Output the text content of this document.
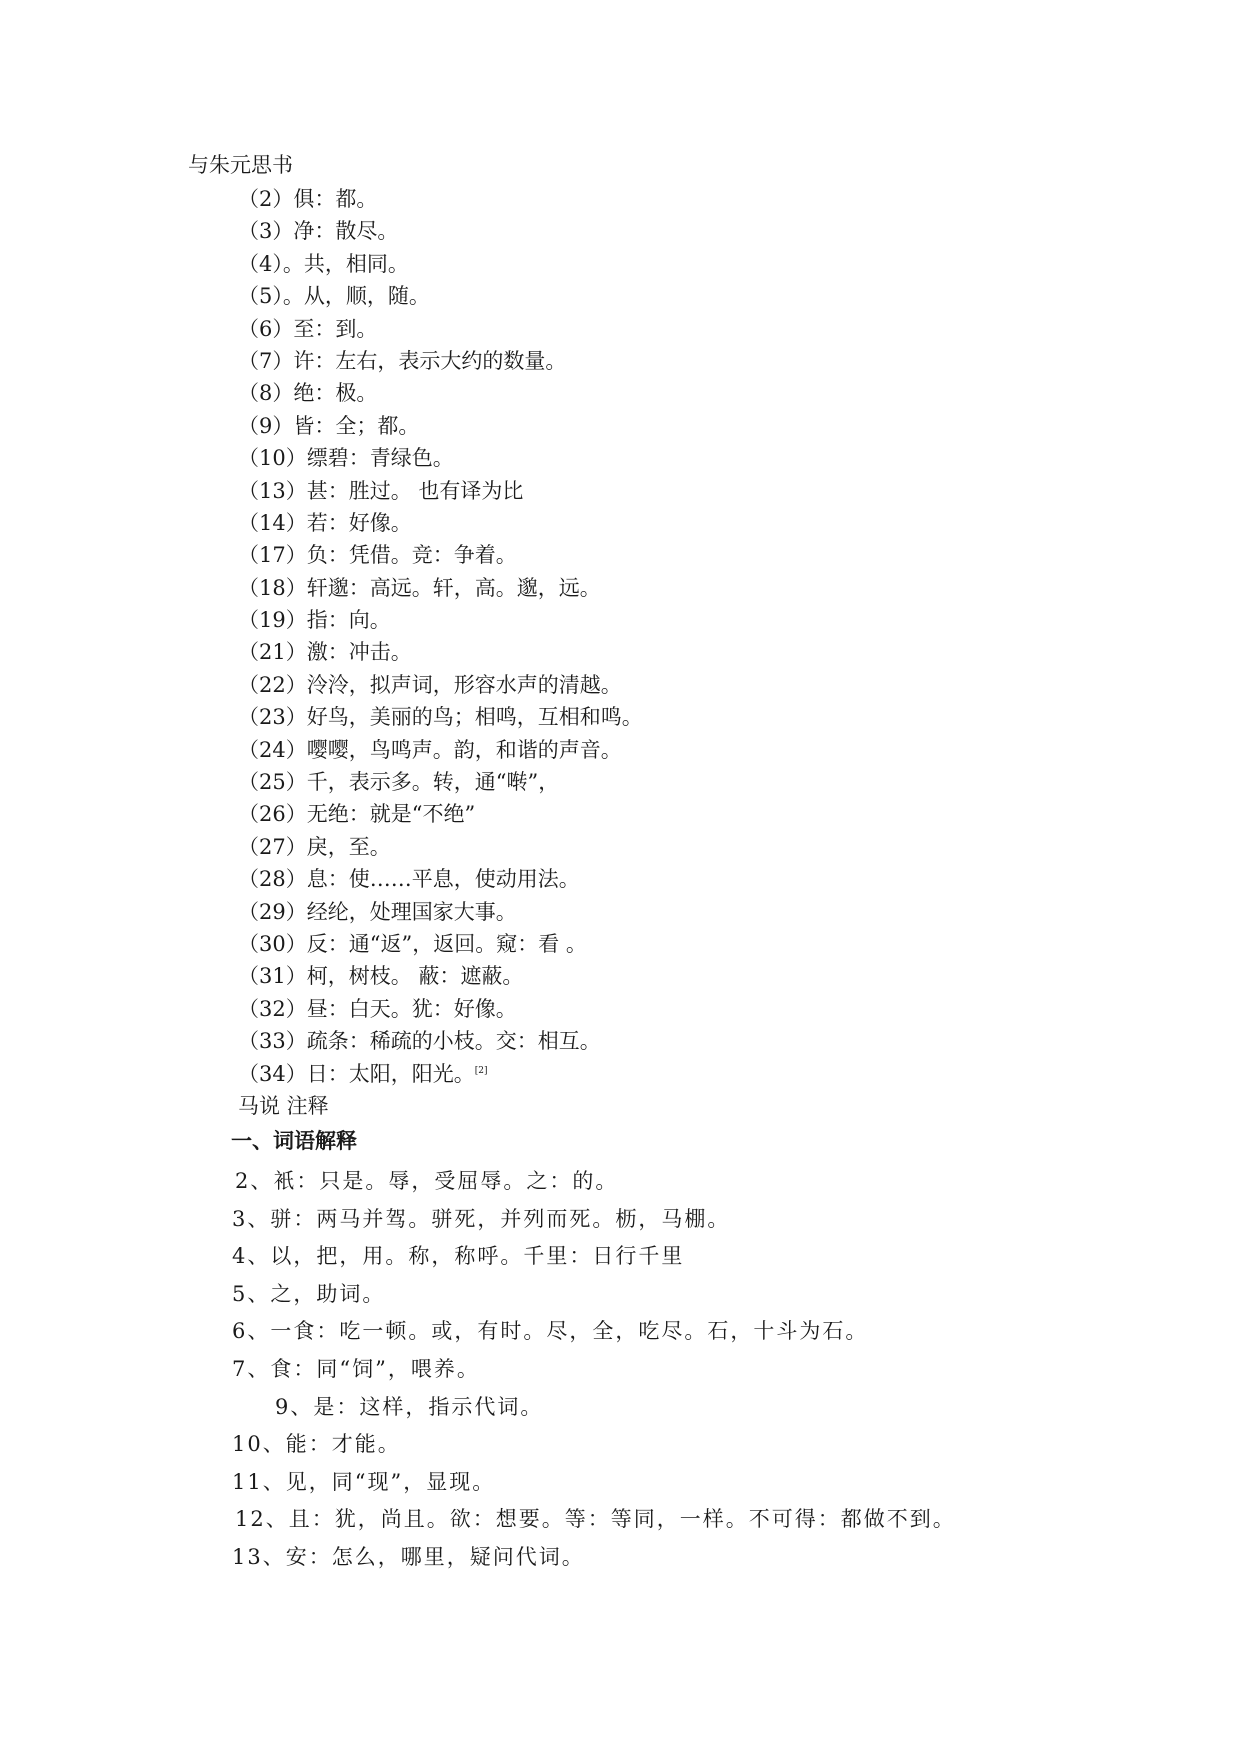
与朱元思书
（2）俱：都。
（3）净：散尽。
（4）。共，相同。
（5）。从，顺，随。
（6）至：到。
（7）许：左右，表示大约的数量。
（8）绝：极。
（9）皆：全；都。
（10）缥碧：青绿色。
（13）甚：胜过。 也有译为比
（14）若：好像。
（17）负：凭借。竞：争着。
（18）轩邈：高远。轩，高。邈，远。
（19）指：向。
（21）激：冲击。
（22）泠泠，拟声词，形容水声的清越。
（23）好鸟，美丽的鸟；相鸣，互相和鸣。
（24）嘤嘤，鸟鸣声。韵，和谐的声音。
（25）千，表示多。转，通“啭”，
（26）无绝：就是“不绝”
（27）戾，至。
（28）息：使……平息，使动用法。
（29）经纶，处理国家大事。
（30）反：通“返”，返回。窥：看 。
（31）柯，树枝。 蔽：遮蔽。
（32）昼：白天。犹：好像。
（33）疏条：稀疏的小枝。交：相互。
（34）日：太阳，阳光。[2]
马说 注释
一、词语解释
2、衹：只是。辱，受屈辱。之：的。
3、骈：两马并驾。骈死，并列而死。枥，马棚。
4、以，把，用。称，称呼。千里：日行千里
5、之，助词。
6、一食：吃一顿。或，有时。尽，全，吃尽。石，十斗为石。
7、食：同“饲”，喂养。
9、是：这样，指示代词。
10、能：才能。
11、见，同“现”，显现。
12、且：犹，尚且。欲：想要。等：等同，一样。不可得：都做不到。
13、安：怎么，哪里，疑问代词。
